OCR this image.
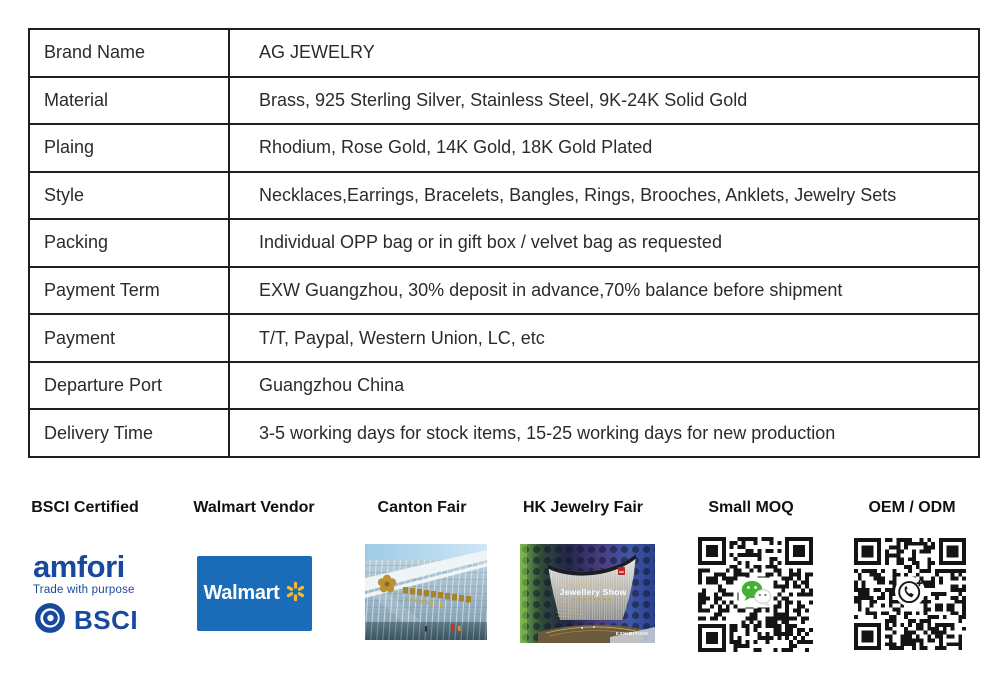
Brand Name	AG JEWELRY
Material	Brass, 925 Sterling Silver, Stainless Steel, 9K-24K Solid Gold
Plaing	Rhodium, Rose Gold, 14K Gold, 18K Gold Plated
Style	Necklaces,Earrings, Bracelets, Bangles, Rings, Brooches, Anklets, Jewelry Sets
Packing	Individual OPP bag or in gift box / velvet bag as requested
Payment Term	EXW Guangzhou, 30% deposit in advance,70% balance before shipment
Payment	T/T, Paypal, Western Union, LC, etc
Departure Port	Guangzhou China
Delivery Time	3-5 working days for stock items, 15-25 working days for new production
BSCI Certified	Walmart Vendor	Canton Fair	HK Jewelry Fair	Small MOQ	OEM / ODM
amfori
Trade with purpose
BSCI
Walmart	Hong Kong International
Jewellery Show
EXHIBITION
